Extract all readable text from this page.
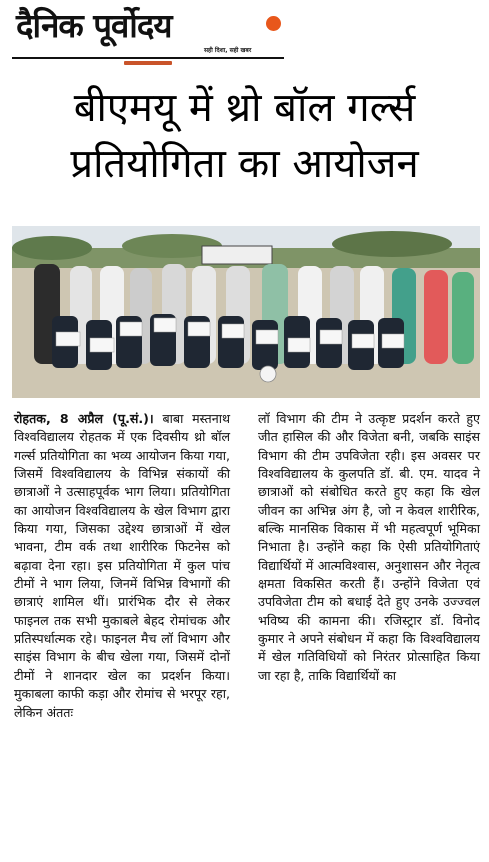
दैनिक पूर्वोदय
सही दिशा, सही खबर
बीएमयू में थ्रो बॉल गर्ल्स
प्रतियोगिता का आयोजन
रोहतक, 8 अप्रैल (पू.सं.)। बाबा मस्तनाथ विश्वविद्यालय रोहतक में एक दिवसीय थ्रो बॉल गर्ल्स प्रतियोगिता का भव्य आयोजन किया गया, जिसमें विश्वविद्यालय के विभिन्न संकायों की छात्राओं ने उत्साहपूर्वक भाग लिया। प्रतियोगिता का आयोजन विश्वविद्यालय के खेल विभाग द्वारा किया गया, जिसका उद्देश्य छात्राओं में खेल भावना, टीम वर्क तथा शारीरिक फिटनेस को बढ़ावा देना रहा। इस प्रतियोगिता में कुल पांच टीमों ने भाग लिया, जिनमें विभिन्न विभागों की छात्राएं शामिल थीं। प्रारंभिक दौर से लेकर फाइनल तक सभी मुकाबले बेहद रोमांचक और प्रतिस्पर्धात्मक रहे। फाइनल मैच लॉ विभाग और साइंस विभाग के बीच खेला गया, जिसमें दोनों टीमों ने शानदार खेल का प्रदर्शन किया। मुकाबला काफी कड़ा और रोमांच से भरपूर रहा, लेकिन अंततः
लॉ विभाग की टीम ने उत्कृष्ट प्रदर्शन करते हुए जीत हासिल की और विजेता बनी, जबकि साइंस विभाग की टीम उपविजेता रही। इस अवसर पर विश्वविद्यालय के कुलपति डॉ. बी. एम. यादव ने छात्राओं को संबोधित करते हुए कहा कि खेल जीवन का अभिन्न अंग है, जो न केवल शारीरिक, बल्कि मानसिक विकास में भी महत्वपूर्ण भूमिका निभाता है। उन्होंने कहा कि ऐसी प्रतियोगिताएं विद्यार्थियों में आत्मविश्वास, अनुशासन और नेतृत्व क्षमता विकसित करती हैं। उन्होंने विजेता एवं उपविजेता टीम को बधाई देते हुए उनके उज्ज्वल भविष्य की कामना की। रजिस्ट्रार डॉ. विनोद कुमार ने अपने संबोधन में कहा कि विश्वविद्यालय में खेल गतिविधियों को निरंतर प्रोत्साहित किया जा रहा है, ताकि विद्यार्थियों का
